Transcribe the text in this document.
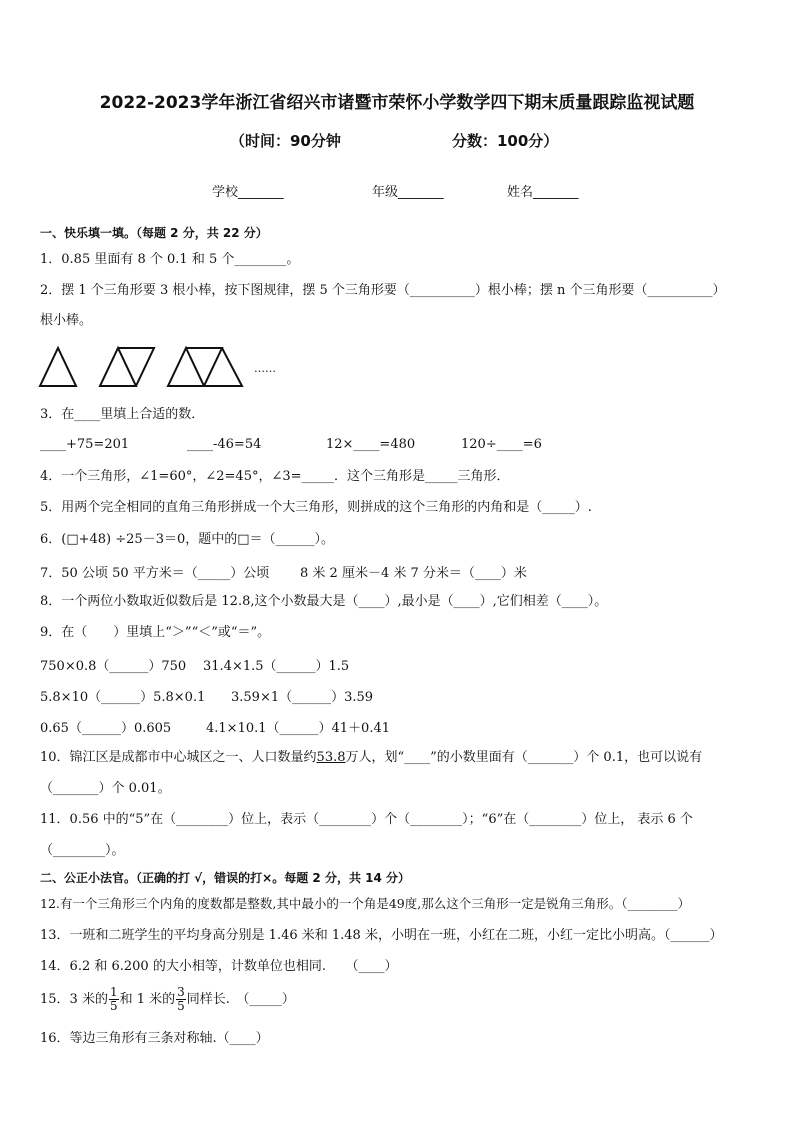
2022-2023学年浙江省绍兴市诸暨市荣怀小学数学四下期末质量跟踪监视试题
（时间：90分钟	分数：100分）
学校_______	年级_______	姓名_______
一、快乐填一填。（每题 2 分，共 22 分）
1．0.85 里面有 8 个 0.1 和 5 个________。
2．摆 1 个三角形要 3 根小棒，按下图规律，摆 5 个三角形要（__________）根小棒；摆 n 个三角形要（__________）
根小棒。
……
3．在____里填上合适的数．
____+75=201	____-46=54	12×____=480	120÷____=6
4．一个三角形，∠1=60°，∠2=45°，∠3=_____．这个三角形是_____三角形．
5．用两个完全相同的直角三角形拼成一个大三角形，则拼成的这个三角形的内角和是（_____）.
6．(□+48) ÷25－3＝0，题中的□＝（______）。
7．50 公顷 50 平方米＝（_____）公顷 8 米 2 厘米－4 米 7 分米＝（____）米
8．一个两位小数取近似数后是 12.8,这个小数最大是（____）,最小是（____）,它们相差（____）。
9．在（　　）里填上“＞”“＜”或“＝”。
750×0.8（______）750 31.4×1.5（______）1.5
5.8×10（______）5.8×0.1 3.59×1（______）3.59
0.65（______）0.605	4.1×10.1（______）41＋0.41
10．锦江区是成都市中心城区之一、人口数量约53.8万人，划“____”的小数里面有（_______）个 0.1，也可以说有
（_______）个 0.01。
11．0.56 中的“5”在（________）位上，表示（________）个（________）；“6”在（________）位上， 表示 6 个
（________）。
二、公正小法官。（正确的打 √，错误的打×。每题 2 分，共 14 分）
12.有一个三角形三个内角的度数都是整数,其中最小的一个角是49度,那么这个三角形一定是锐角三角形。（________）
13．一班和二班学生的平均身高分别是 1.46 米和 1.48 米，小明在一班，小红在二班，小红一定比小明高。（______）
14．6.2 和 6.200 的大小相等，计数单位也相同.　　（____）
15．3 米的 $\frac{1}{5}$ 和 1 米的 $\frac{3}{5}$ 同样长.　（_____）
16．等边三角形有三条对称轴.（____）
